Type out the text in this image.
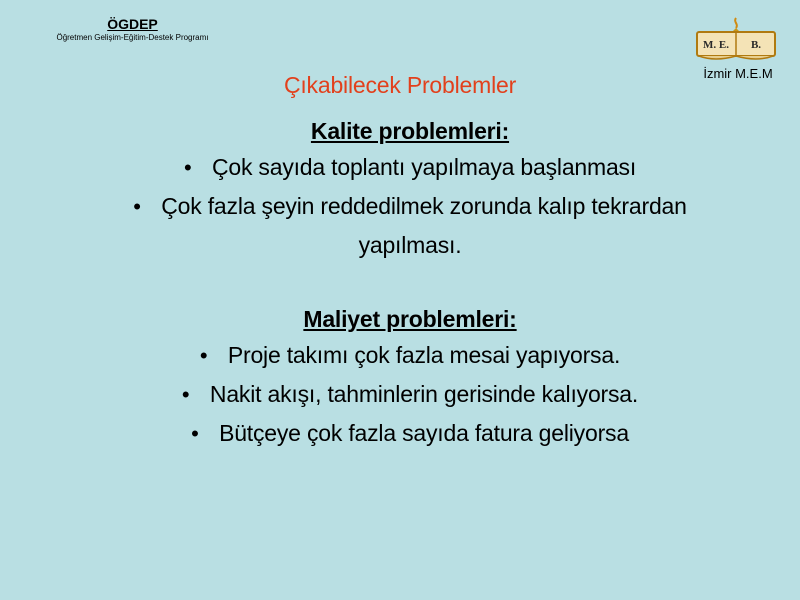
ÖGDEP
Öğretmen Gelişim-Eğitim-Destek Programı
M. E. B.
İzmir M.E.M
Çıkabilecek Problemler
Kalite problemleri:
• Çok sayıda toplantı yapılmaya başlanması
• Çok fazla şeyin reddedilmek zorunda kalıp tekrardan yapılması.
Maliyet problemleri:
• Proje takımı çok fazla mesai yapıyorsa.
• Nakit akışı, tahminlerin gerisinde kalıyorsa.
• Bütçeye çok fazla sayıda fatura geliyorsa
